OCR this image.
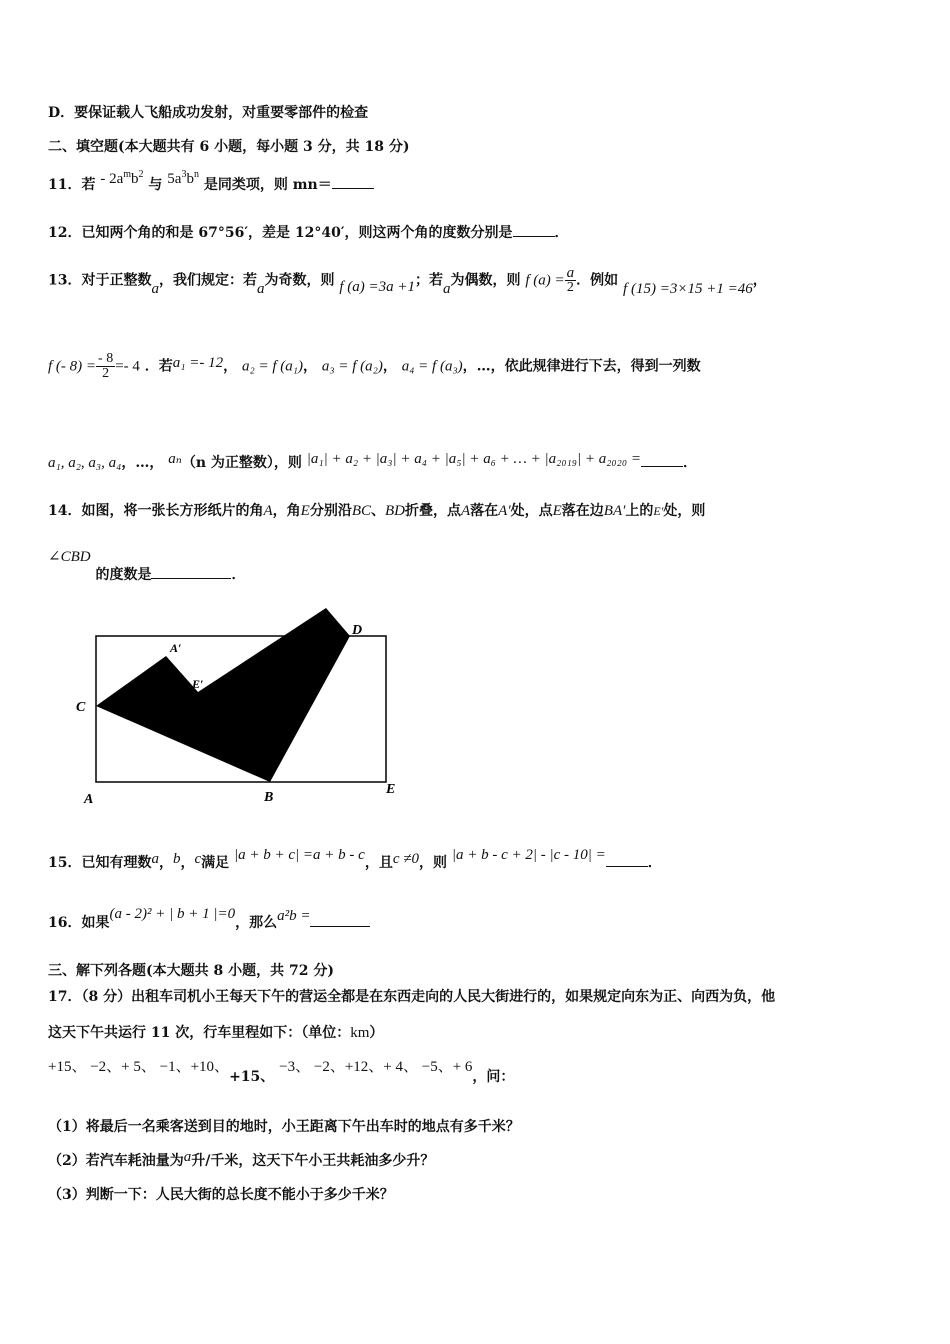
D．要保证载人飞船成功发射，对重要零部件的检查
二、填空题(本大题共有 6 小题，每小题 3 分，共 18 分)
11．若 - $2a^mb^2$ 与 $5a^3b^n$ 是同类项，则 mn＝
12．已知两个角的和是 67°56′，差是 12°40′，则这两个角的度数分别是	．
13．对于正整数a，我们规定：若a为奇数，则 f (a) =3a +1；若a为偶数，则 f $(a) = \frac{a}{2}$ ．例如 f (15) =3×15 +1 =46，
f (- $8) = \frac{- 8}{2} =- 4$ ．若a₁ =- 12， a₂ = f (a₁)， a₃ = f (a₂)， a₄ = f (a₃)，…，依此规律进行下去，得到一列数
a₁, a₂, a₃, a₄，…， aₙ（n 为正整数），则 |a₁| + a₂ + |a₃| + a₄ + |a₅| + a₆ + … + |a₂₀₁₉| + a₂₀₂₀ =	．
14．如图，将一张长方形纸片的角A，角E分别沿BC、BD折叠，点A落在A′处，点E落在边BA′上的E′处，则
∠CBD 的度数是	．
C
A	B
D
E
A′
E′
15．已知有理数a，b，c满足 |a + b + c| =a + b - c，且c ≠0，则 |a + b - c + 2| - |c - 10| =	．
16．如果(a - 2)² + | b + 1 |=0，那么a²b =
三、解下列各题(本大题共 8 小题，共 72 分)
17．（8 分）出租车司机小王每天下午的营运全都是在东西走向的人民大街进行的，如果规定向东为正、向西为负，他
这天下午共运行 11 次，行车里程如下：（单位：km）
+15、 −2、+ 5、 −1、+10、+15、 −3、 −2、+12、+ 4、 −5、+ 6，问：
（1）将最后一名乘客送到目的地时，小王距离下午出车时的地点有多千米？
（2）若汽车耗油量为a升/千米，这天下午小王共耗油多少升？
（3）判断一下：人民大街的总长度不能小于多少千米？
